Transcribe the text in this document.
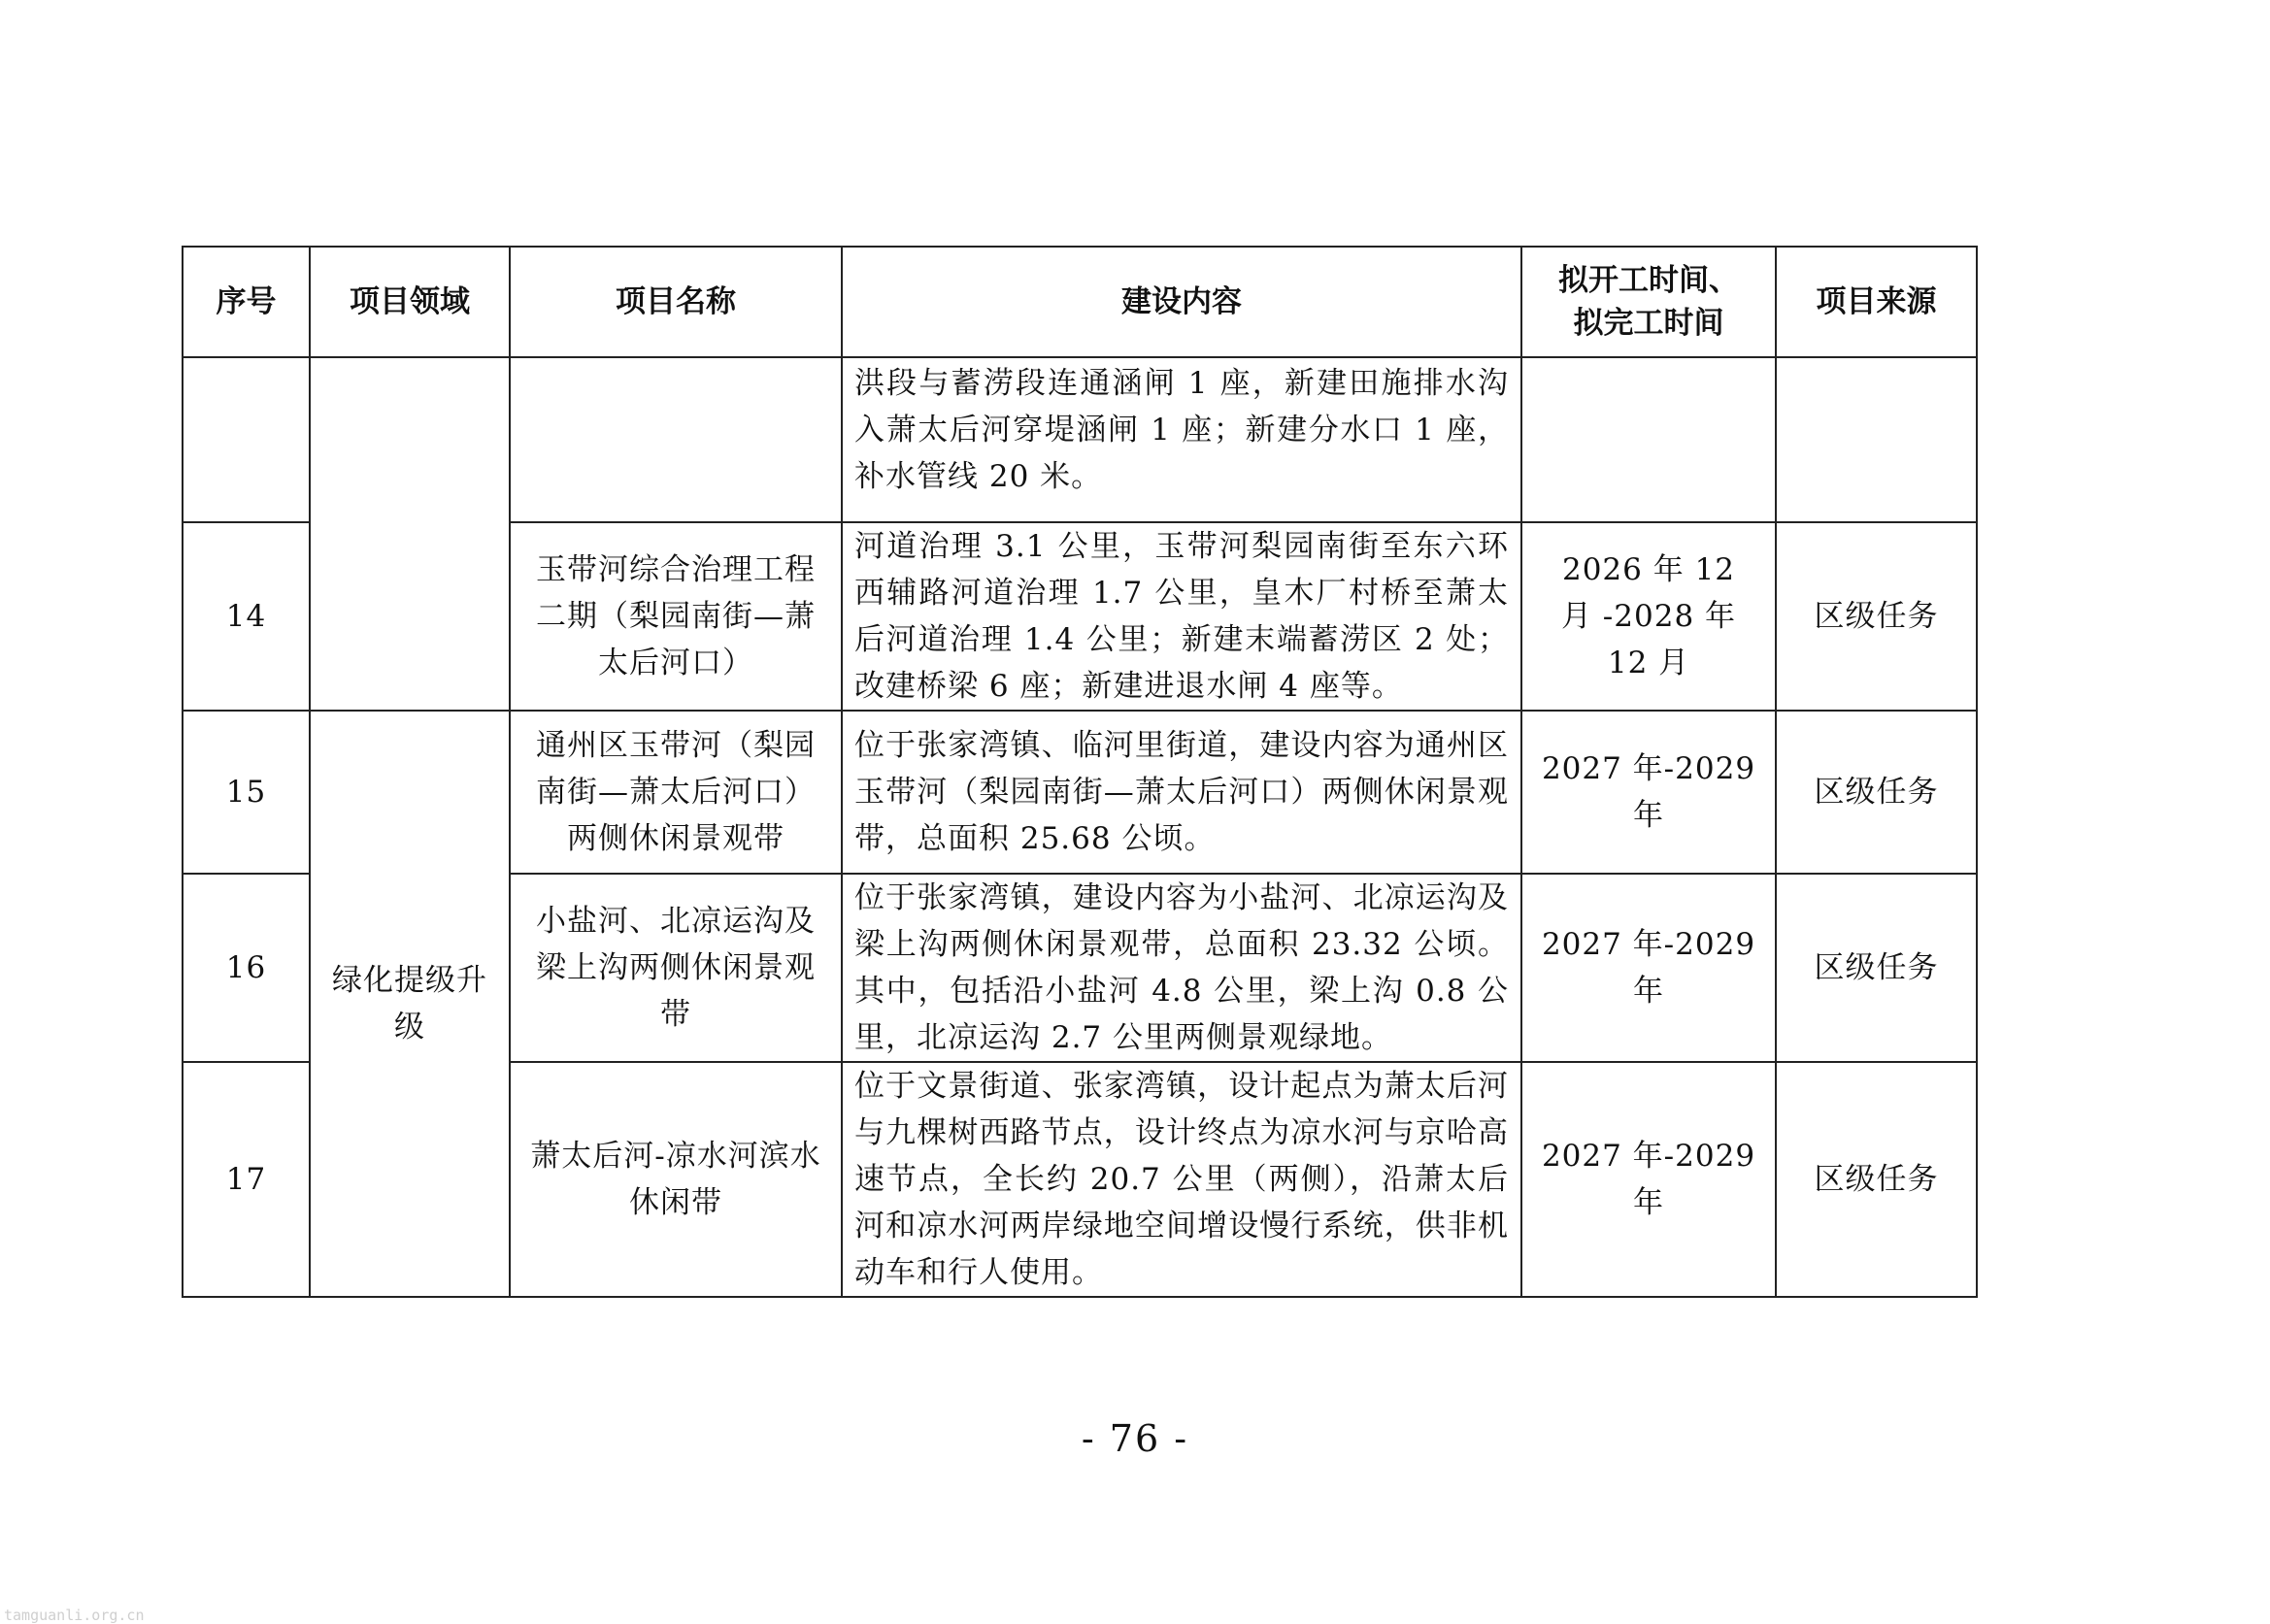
序号	项目领域	项目名称	建设内容	拟开工时间、拟完工时间	项目来源
			洪段与蓄涝段连通涵闸 1 座，新建田施排水沟入萧太后河穿堤涵闸 1 座；新建分水口 1 座，补水管线 20 米。		
14		玉带河综合治理工程二期（梨园南街—萧太后河口）	河道治理 3.1 公里，玉带河梨园南街至东六环西辅路河道治理 1.7 公里，皇木厂村桥至萧太后河道治理 1.4 公里；新建末端蓄涝区 2 处；改建桥梁 6 座；新建进退水闸 4 座等。	2026 年 12 月 -2028 年 12 月	区级任务
15	绿化提级升级	通州区玉带河（梨园南街—萧太后河口）两侧休闲景观带	位于张家湾镇、临河里街道，建设内容为通州区玉带河（梨园南街—萧太后河口）两侧休闲景观带，总面积 25.68 公顷。	2027 年-2029 年	区级任务
16		小盐河、北凉运沟及梁上沟两侧休闲景观带	位于张家湾镇，建设内容为小盐河、北凉运沟及梁上沟两侧休闲景观带，总面积 23.32 公顷。其中，包括沿小盐河 4.8 公里，梁上沟 0.8 公里，北凉运沟 2.7 公里两侧景观绿地。	2027 年-2029 年	区级任务
17		萧太后河-凉水河滨水休闲带	位于文景街道、张家湾镇，设计起点为萧太后河与九棵树西路节点，设计终点为凉水河与京哈高速节点，全长约 20.7 公里（两侧），沿萧太后河和凉水河两岸绿地空间增设慢行系统，供非机动车和行人使用。	2027 年-2029 年	区级任务
- 76 -
tamguanli.org.cn
